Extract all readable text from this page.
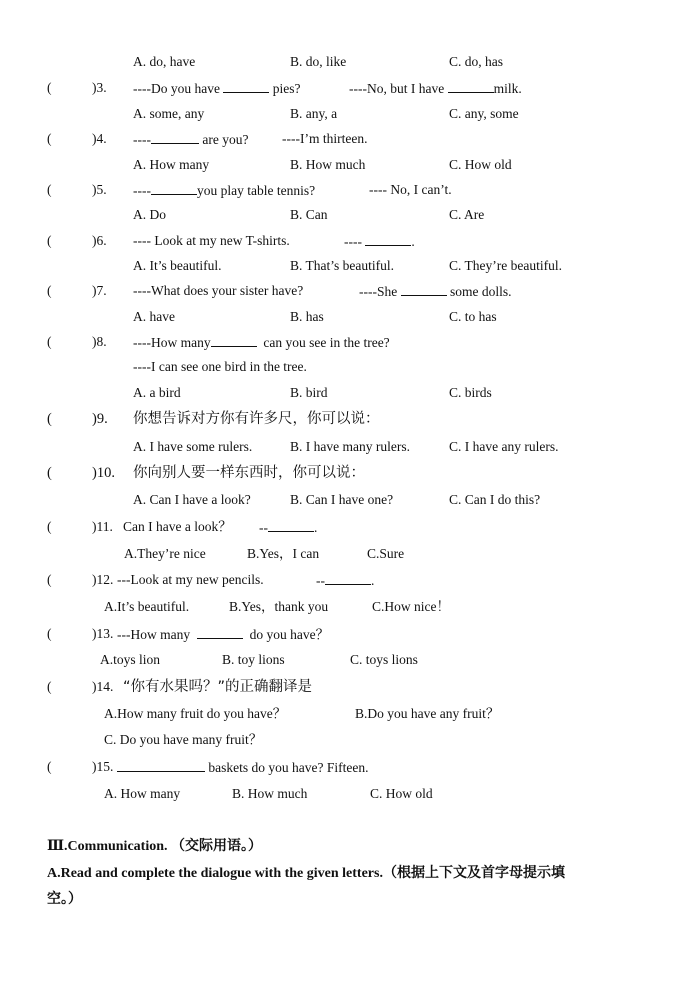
A. do, have	B. do, like	C. do, has
(	)3. ----Do you have	pies?	----No, but I have	milk.
A. some, any	B. any, a	C. any, some
(	)4. ----	are you? ----I’m thirteen.
A. How many	B. How much	C. How old
(	)5. ----	you play table tennis?	---- No, I can’t.
A. Do	B. Can	C. Are
(	)6. ---- Look at my new T-shirts.	----	.
A. It’s beautiful.	B. That’s beautiful.	C. They’re beautiful.
(	)7. ----What does your sister have?	----She	some dolls.
A. have	B. has	C. to has
(	)8. ----How many	can you see in the tree?
----I can see one bird in the tree.
A. a bird	B. bird	C. birds
(	)9. 你想告诉对方你有许多尺，你可以说：
A. I have some rulers.	B. I have many rulers.	C. I have any rulers.
(	)10. 你向别人要一样东西时，你可以说：
A. Can I have a look?	B. Can I have one?	C. Can I do this?
(	)11. Can I have a look？ --	.
A.They’re nice	B.Yes，I can	C.Sure
(	)12. ---Look at my new pencils.	--	.
A.It’s beautiful.	B.Yes，thank you	C.How nice！
(	)13. ---How many	do you have？
A.toys lion	B. toy lions	C. toys lions
(	)14. “你有水果吗？”的正确翻译是
A.How many fruit do you have？	B.Do you have any fruit？
C. Do you have many fruit？
(	)15.	baskets do you have? Fifteen.
A. How many	B. How much	C. How old
Ⅲ.Communication. （交际用语。）
A.Read and complete the dialogue with the given letters.（根据上下文及首字母提示填
空。）
